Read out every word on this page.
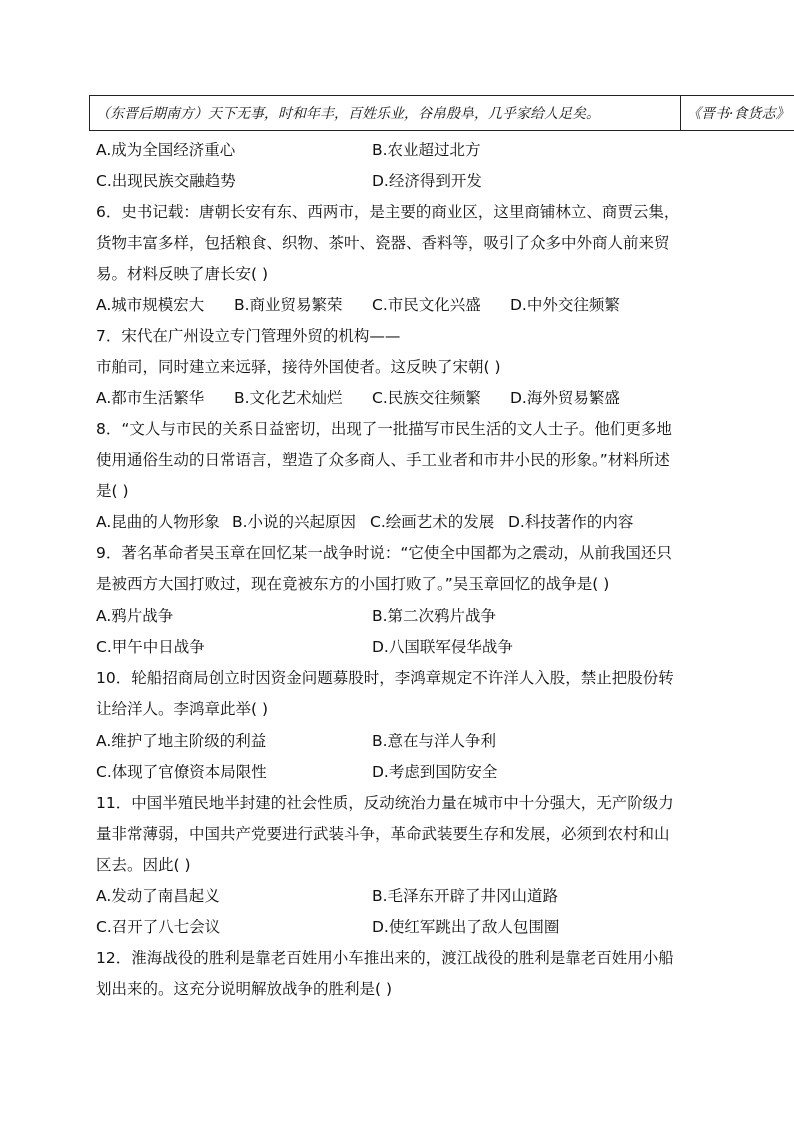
（东晋后期南方）天下无事，时和年丰，百姓乐业，谷帛殷阜，几乎家给人足矣。	《晋书·食货志》
A.成为全国经济重心	B.农业超过北方
C.出现民族交融趋势	D.经济得到开发
6．史书记载：唐朝长安有东、西两市，是主要的商业区，这里商铺林立、商贾云集，
货物丰富多样，包括粮食、织物、茶叶、瓷器、香料等，吸引了众多中外商人前来贸
易。材料反映了唐长安( )
A.城市规模宏大 B.商业贸易繁荣 C.市民文化兴盛 D.中外交往频繁
7．宋代在广州设立专门管理外贸的机构——
市舶司，同时建立来远驿，接待外国使者。这反映了宋朝( )
A.都市生活繁华 B.文化艺术灿烂 C.民族交往频繁 D.海外贸易繁盛
8．“文人与市民的关系日益密切，出现了一批描写市民生活的文人士子。他们更多地
使用通俗生动的日常语言，塑造了众多商人、手工业者和市井小民的形象。”材料所述
是( )
A.昆曲的人物形象 B.小说的兴起原因 C.绘画艺术的发展 D.科技著作的内容
9．著名革命者吴玉章在回忆某一战争时说：“它使全中国都为之震动，从前我国还只
是被西方大国打败过，现在竟被东方的小国打败了。”吴玉章回忆的战争是( )
A.鸦片战争	B.第二次鸦片战争
C.甲午中日战争	D.八国联军侵华战争
10．轮船招商局创立时因资金问题募股时，李鸿章规定不许洋人入股，禁止把股份转
让给洋人。李鸿章此举( )
A.维护了地主阶级的利益	B.意在与洋人争利
C.体现了官僚资本局限性	D.考虑到国防安全
11．中国半殖民地半封建的社会性质，反动统治力量在城市中十分强大，无产阶级力
量非常薄弱，中国共产党要进行武装斗争，革命武装要生存和发展，必须到农村和山
区去。因此( )
A.发动了南昌起义	B.毛泽东开辟了井冈山道路
C.召开了八七会议	D.使红军跳出了敌人包围圈
12．淮海战役的胜利是靠老百姓用小车推出来的，渡江战役的胜利是靠老百姓用小船
划出来的。这充分说明解放战争的胜利是( )
